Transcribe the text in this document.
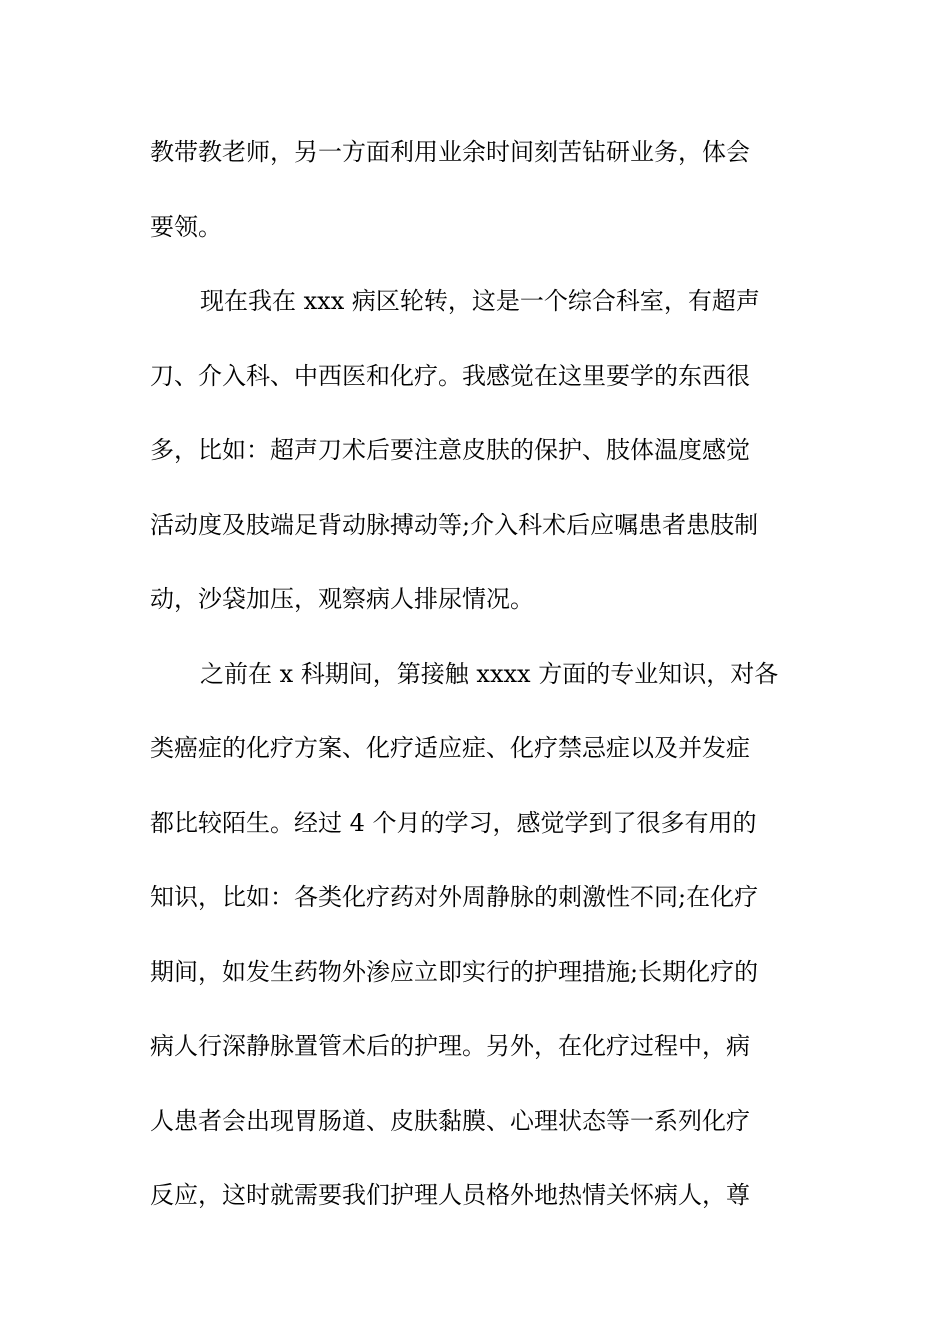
教带教老师，另一方面利用业余时间刻苦钻研业务，体会
要领。
现在我在 xxx 病区轮转，这是一个综合科室，有超声
刀、介入科、中西医和化疗。我感觉在这里要学的东西很
多，比如：超声刀术后要注意皮肤的保护、肢体温度感觉
活动度及肢端足背动脉搏动等;介入科术后应嘱患者患肢制
动，沙袋加压，观察病人排尿情况。
之前在 x 科期间，第接触 xxxx 方面的专业知识，对各
类癌症的化疗方案、化疗适应症、化疗禁忌症以及并发症
都比较陌生。经过 4 个月的学习，感觉学到了很多有用的
知识，比如：各类化疗药对外周静脉的刺激性不同;在化疗
期间，如发生药物外渗应立即实行的护理措施;长期化疗的
病人行深静脉置管术后的护理。另外，在化疗过程中，病
人患者会出现胃肠道、皮肤黏膜、心理状态等一系列化疗
反应，这时就需要我们护理人员格外地热情关怀病人，尊
